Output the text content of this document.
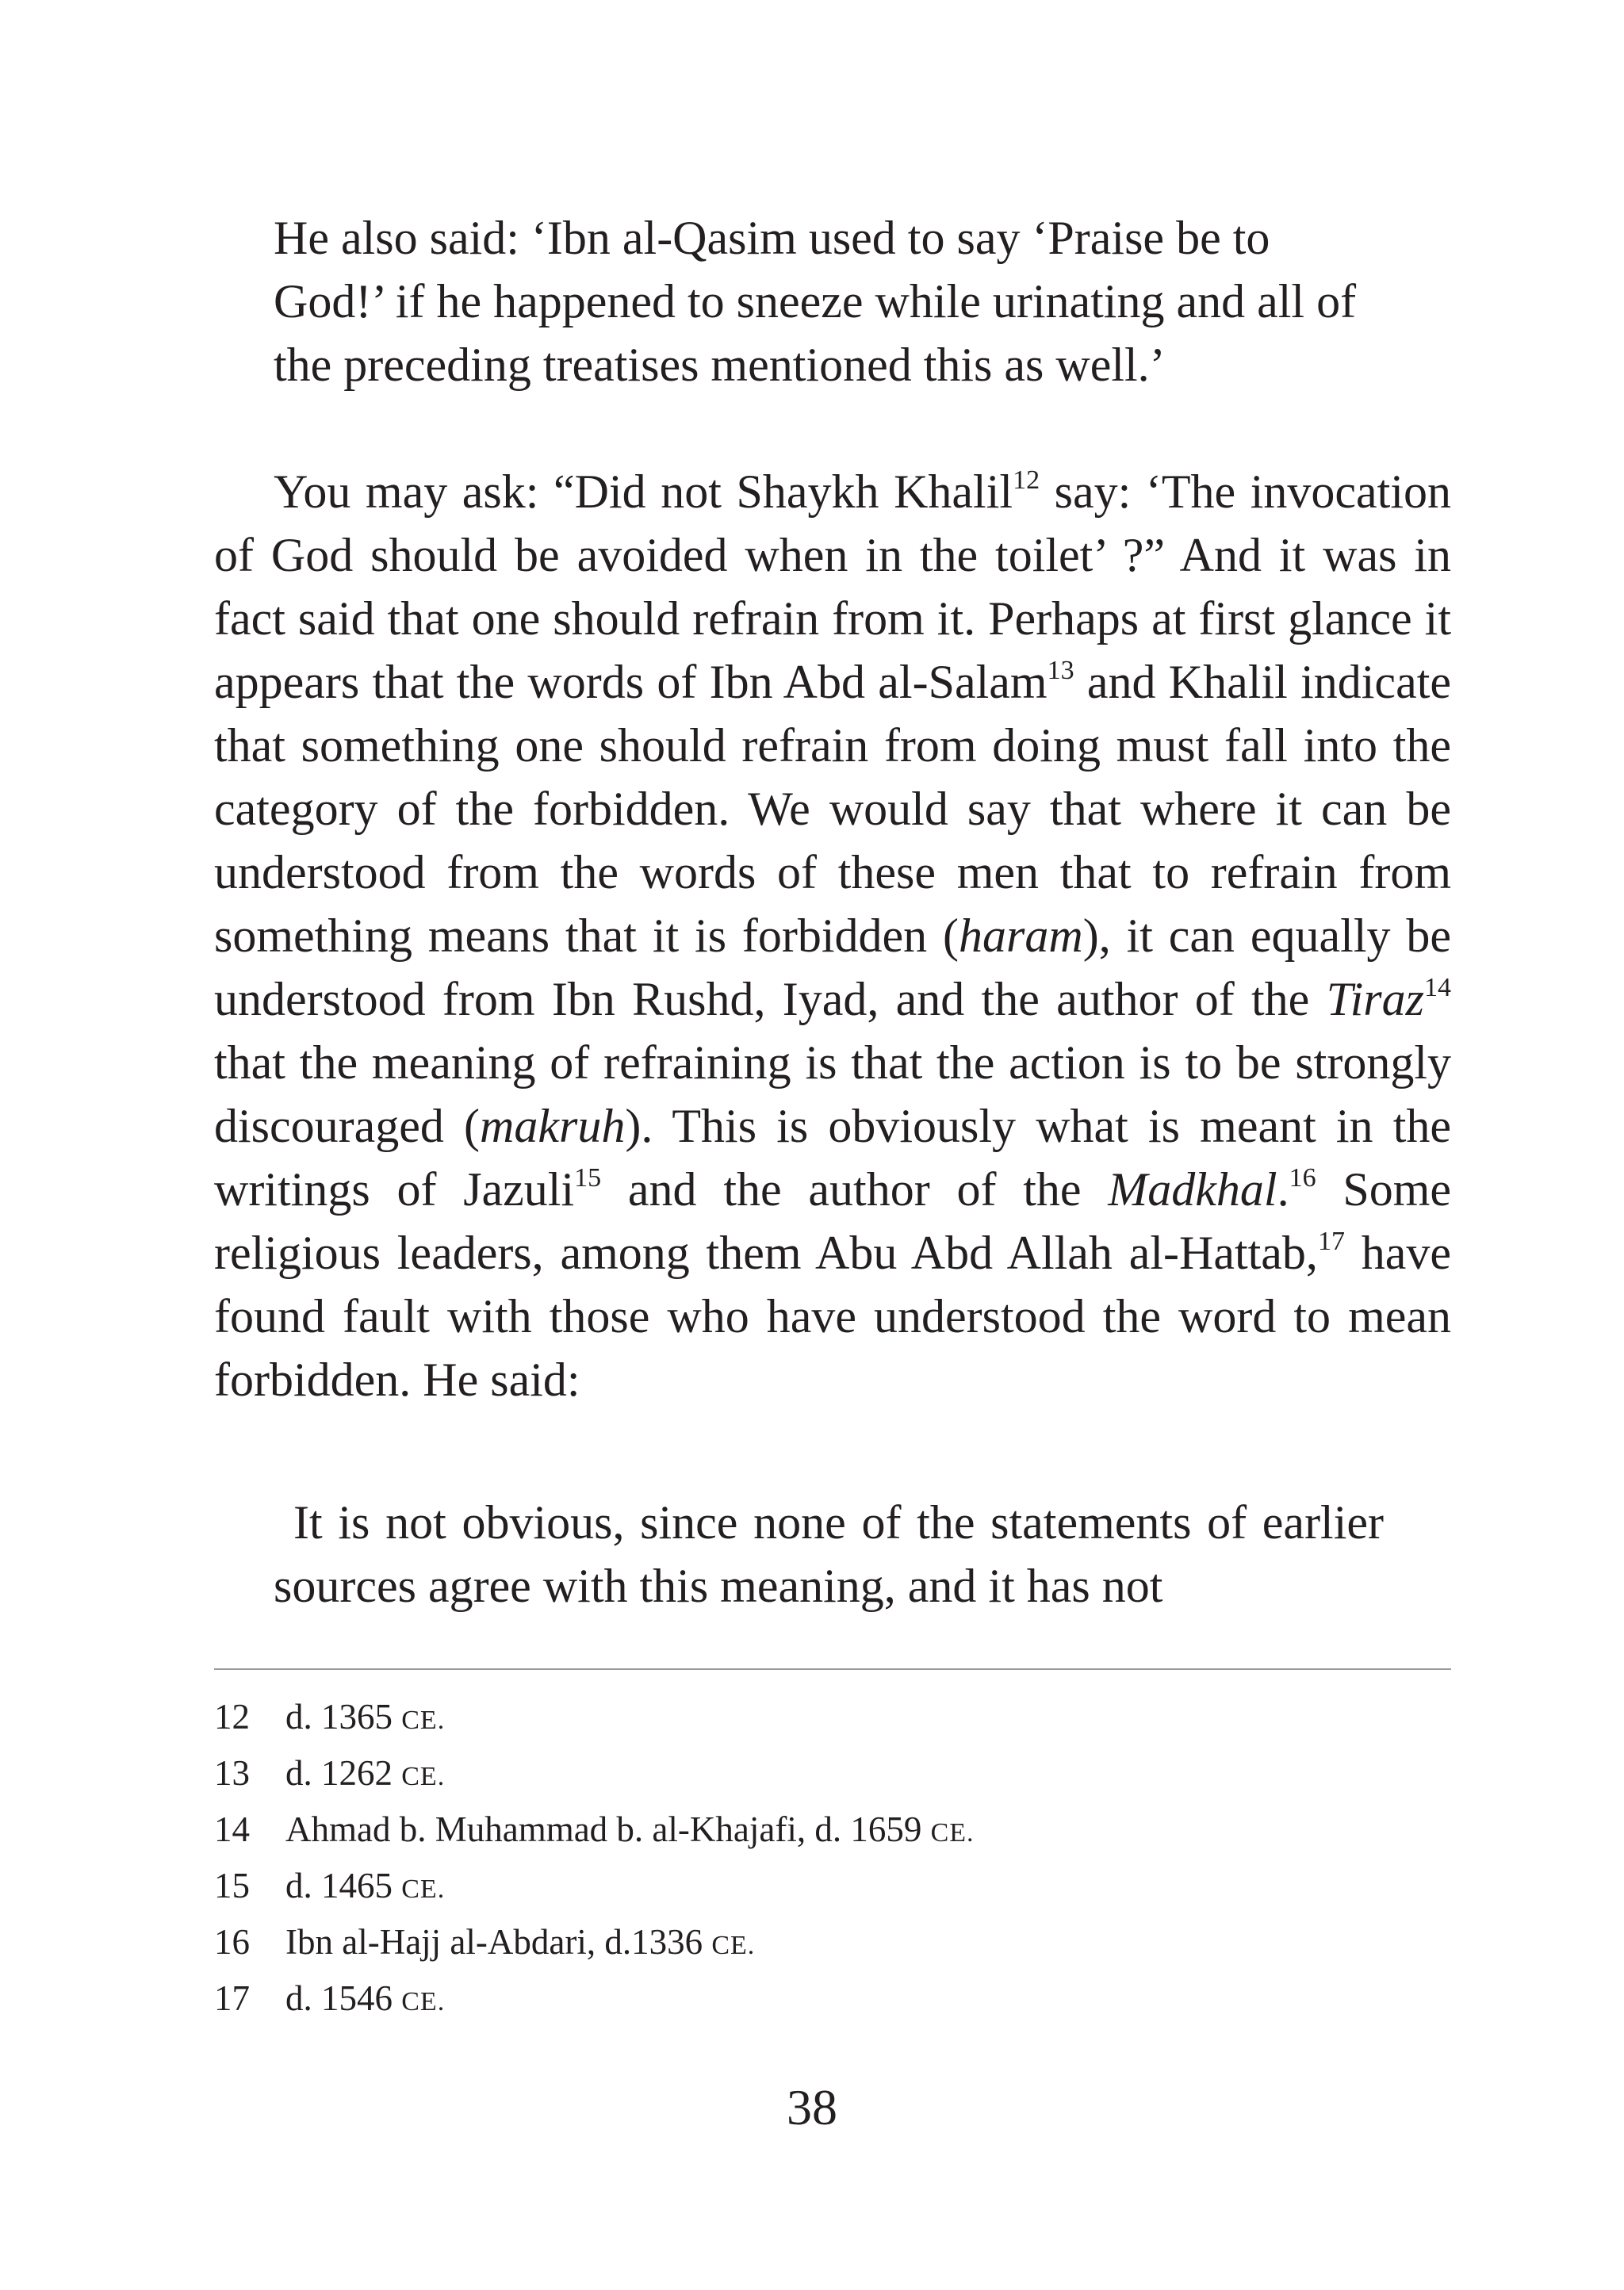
He also said: ‘Ibn al-Qasim used to say ‘Praise be to God!’ if he happened to sneeze while urinating and all of the preceding treatises mentioned this as well.’

You may ask: “Did not Shaykh Khalil$^{12}$ say: ‘The invocation of God should be avoided when in the toilet’ ?” And it was in fact said that one should refrain from it. Perhaps at first glance it appears that the words of Ibn Abd al-Salam$^{13}$ and Khalil indicate that something one should refrain from doing must fall into the category of the forbidden. We would say that where it can be understood from the words of these men that to refrain from something means that it is forbidden (haram), it can equally be understood from Ibn Rushd, Iyad, and the author of the Tiraz$^{14}$ that the meaning of refraining is that the action is to be strongly discouraged (makruh). This is obviously what is meant in the writings of Jazuli$^{15}$ and the author of the Madkhal.$^{16}$ Some religious leaders, among them Abu Abd Allah al-Hattab,$^{17}$ have found fault with those who have understood the word to mean forbidden. He said:

It is not obvious, since none of the statements of earlier sources agree with this meaning, and it has not

12	d. 1365 CE.
13	d. 1262 CE.
14	Ahmad b. Muhammad b. al-Khajafi, d. 1659 CE.
15	d. 1465 CE.
16	Ibn al-Hajj al-Abdari, d.1336 CE.
17	d. 1546 CE.
38
